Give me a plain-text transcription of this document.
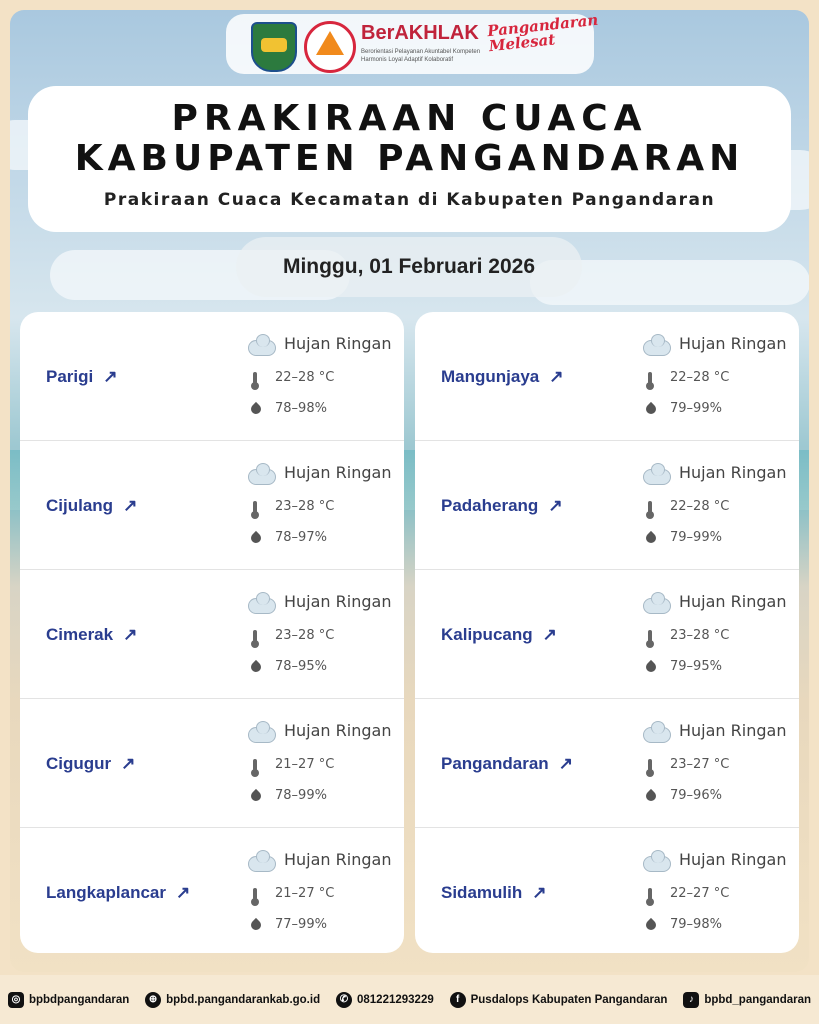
BerAKHLAK
Berorientasi Pelayanan Akuntabel Kompeten Harmonis Loyal Adaptif Kolaboratif
Pangandaran Melesat
PRAKIRAAN CUACA
KABUPATEN PANGANDARAN
Prakiraan Cuaca Kecamatan di Kabupaten Pangandaran
Minggu, 01 Februari 2026
Parigi ↗
Hujan Ringan
22–28 °C
78–98%
Cijulang ↗
Hujan Ringan
23–28 °C
78–97%
Cimerak ↗
Hujan Ringan
23–28 °C
78–95%
Cigugur ↗
Hujan Ringan
21–27 °C
78–99%
Langkaplancar ↗
Hujan Ringan
21–27 °C
77–99%
Mangunjaya ↗
Hujan Ringan
22–28 °C
79–99%
Padaherang ↗
Hujan Ringan
22–28 °C
79–99%
Kalipucang ↗
Hujan Ringan
23–28 °C
79–95%
Pangandaran ↗
Hujan Ringan
23–27 °C
79–96%
Sidamulih ↗
Hujan Ringan
22–27 °C
79–98%
◎ bpbdpangandaran	⊕ bpbd.pangandarankab.go.id	✆ 081221293229	f Pusdalops Kabupaten Pangandaran	♪ bpbd_pangandaran
